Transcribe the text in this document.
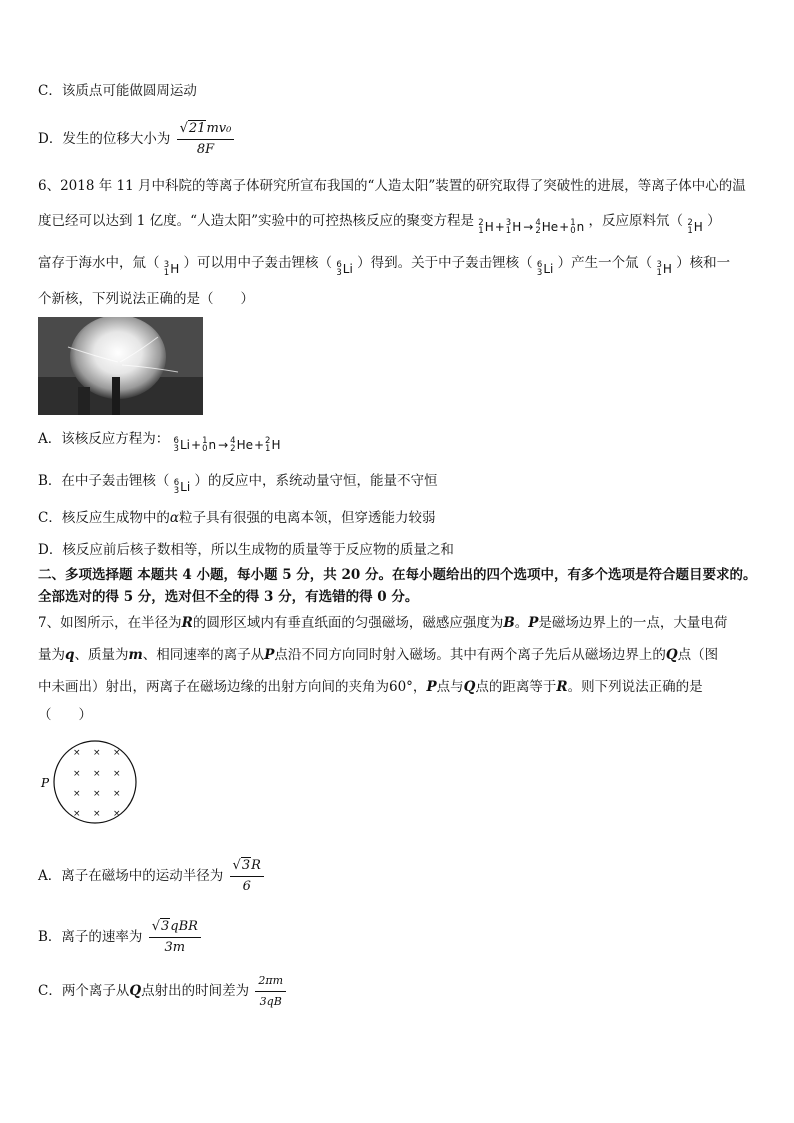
C．该质点可能做圆周运动
D．发生的位移大小为 $\frac{\text{√21mv₀}}{8F}$
6、2018 年 11 月中科院的等离子体研究所宣布我国的“人造太阳”装置的研究取得了突破性的进展，等离子体中心的温
度已经可以达到 1 亿度。“人造太阳”实验中的可控热核反应的聚变方程是 2
1 H + 3
1 H → 4
2 He + 1
0 n ，反应原料氘（ 2
1 H ）
富存于海水中，氚（ 3
1 H ）可以用中子轰击锂核（ 6
3 Li ）得到。关于中子轰击锂核（ 6
3 Li ）产生一个氚（ 3
1 H ）核和一
个新核，下列说法正确的是（　　）
A．该核反应方程为： 6
3 Li + 1
0 n → 4
2 He + 2
1 H
B．在中子轰击锂核（ 6
3 Li ）的反应中，系统动量守恒，能量不守恒
C．核反应生成物中的α粒子具有很强的电离本领，但穿透能力较弱
D．核反应前后核子数相等，所以生成物的质量等于反应物的质量之和
二、多项选择题 本题共 4 小题，每小题 5 分，共 20 分。在每小题给出的四个选项中，有多个选项是符合题目要求的。
全部选对的得 5 分，选对但不全的得 3 分，有选错的得 0 分。
7、如图所示，在半径为R的圆形区域内有垂直纸面的匀强磁场，磁感应强度为B。P是磁场边界上的一点，大量电荷
量为q、质量为m、相同速率的离子从P点沿不同方向同时射入磁场。其中有两个离子先后从磁场边界上的Q点（图
中未画出）射出，两离子在磁场边缘的出射方向间的夹角为60°，P点与Q点的距离等于R。则下列说法正确的是
（　　）
P
× × ×
× × ×
× × ×
× × ×
A．离子在磁场中的运动半径为 $\frac{√3R}{6}$
B．离子的速率为 $\frac{\text{√3qBR}}{3m}$
C．两个离子从Q点射出的时间差为 $\frac{2\pi m}{3qB}$
